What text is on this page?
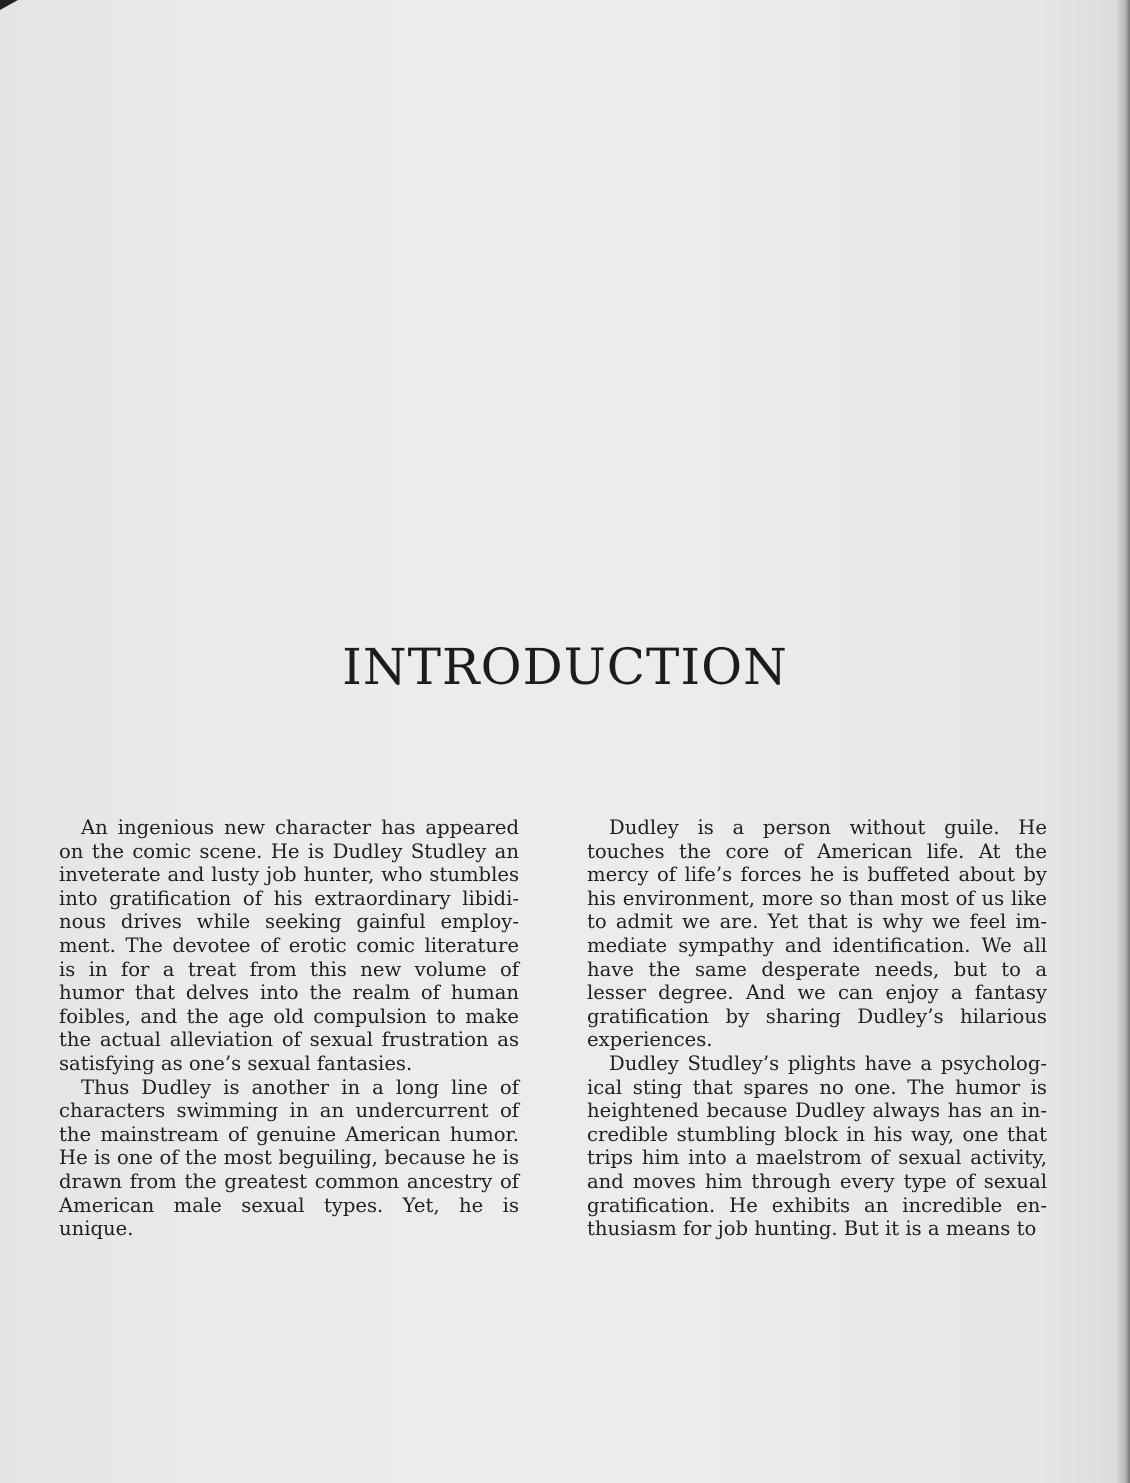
INTRODUCTION

An ingenious new character has appeared on the comic scene. He is Dudley Studley an inveterate and lusty job hunter, who stumbles into gratification of his extraordinary libidinous drives while seeking gainful employment. The devotee of erotic comic literature is in for a treat from this new volume of humor that delves into the realm of human foibles, and the age old compulsion to make the actual alleviation of sexual frustration as satisfying as one’s sexual fantasies.

Thus Dudley is another in a long line of characters swimming in an undercurrent of the mainstream of genuine American humor. He is one of the most beguiling, because he is drawn from the greatest common ancestry of American male sexual types. Yet, he is unique.

Dudley is a person without guile. He touches the core of American life. At the mercy of life’s forces he is buffeted about by his environment, more so than most of us like to admit we are. Yet that is why we feel immediate sympathy and identification. We all have the same desperate needs, but to a lesser degree. And we can enjoy a fantasy gratification by sharing Dudley’s hilarious experiences.

Dudley Studley’s plights have a psychological sting that spares no one. The humor is heightened because Dudley always has an incredible stumbling block in his way, one that trips him into a maelstrom of sexual activity, and moves him through every type of sexual gratification. He exhibits an incredible enthusiasm for job hunting. But it is a means to
